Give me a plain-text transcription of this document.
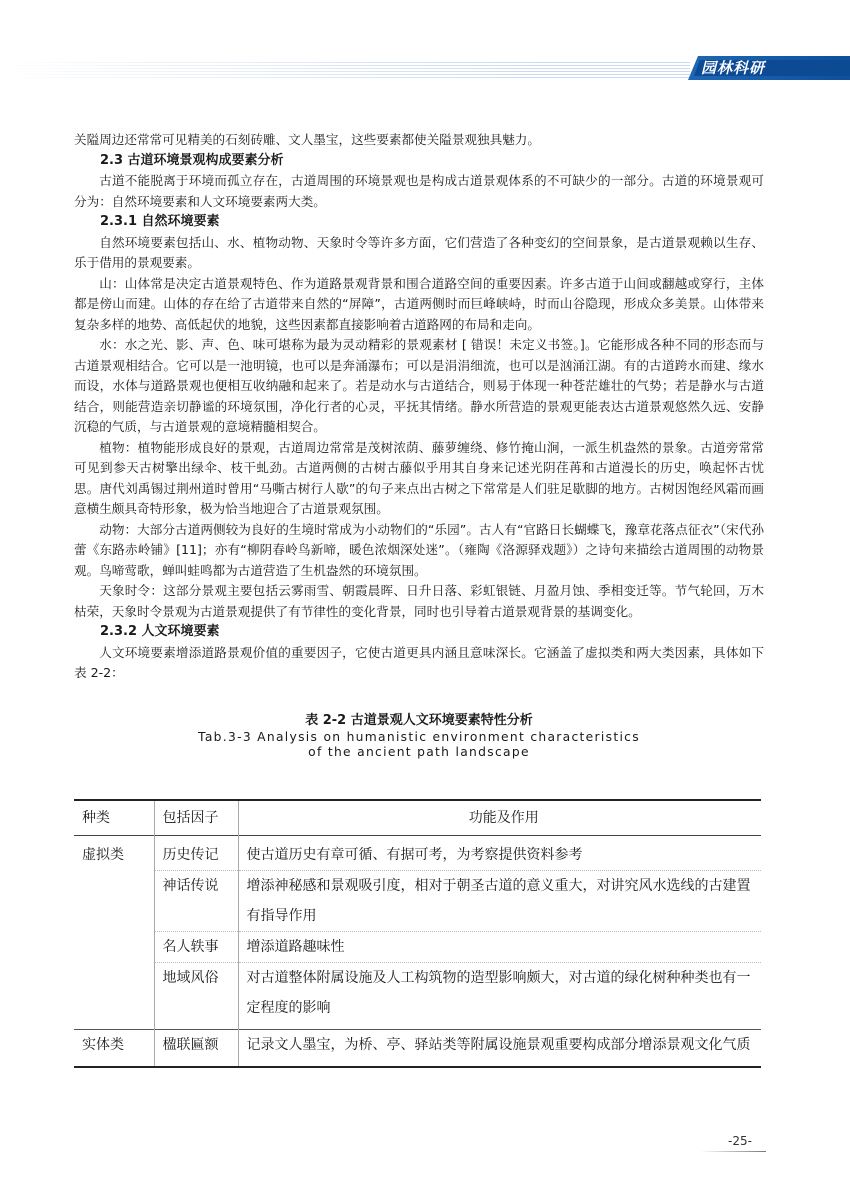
园林科研

关隘周边还常常可见精美的石刻砖雕、文人墨宝，这些要素都使关隘景观独具魅力。

2.3 古道环境景观构成要素分析

古道不能脱离于环境而孤立存在，古道周围的环境景观也是构成古道景观体系的不可缺少的一部分。古道的环境景观可分为：自然环境要素和人文环境要素两大类。

2.3.1 自然环境要素

自然环境要素包括山、水、植物动物、天象时令等许多方面，它们营造了各种变幻的空间景象，是古道景观赖以生存、乐于借用的景观要素。

山：山体常是决定古道景观特色、作为道路景观背景和围合道路空间的重要因素。许多古道于山间或翻越或穿行，主体都是傍山而建。山体的存在给了古道带来自然的“屏障”，古道两侧时而巨峰峡峙，时而山谷隐现，形成众多美景。山体带来复杂多样的地势、高低起伏的地貌，这些因素都直接影响着古道路网的布局和走向。

水：水之光、影、声、色、味可堪称为最为灵动精彩的景观素材 [ 错误！未定义书签。]。它能形成各种不同的形态而与古道景观相结合。它可以是一池明镜，也可以是奔涌瀑布；可以是涓涓细流，也可以是汹涌江湖。有的古道跨水而建、缘水而设，水体与道路景观也便相互收纳融和起来了。若是动水与古道结合，则易于体现一种苍茫雄壮的气势；若是静水与古道结合，则能营造亲切静谧的环境氛围，净化行者的心灵，平抚其情绪。静水所营造的景观更能表达古道景观悠然久远、安静沉稳的气质，与古道景观的意境精髓相契合。

植物：植物能形成良好的景观，古道周边常常是茂树浓荫、藤萝缠绕、修竹掩山涧，一派生机盎然的景象。古道旁常常可见到参天古树擎出绿伞、枝干虬劲。古道两侧的古树古藤似乎用其自身来记述光阴荏苒和古道漫长的历史，唤起怀古忧思。唐代刘禹锡过荆州道时曾用“马嘶古树行人歇”的句子来点出古树之下常常是人们驻足歇脚的地方。古树因饱经风霜而画意横生颇具奇特形象，极为恰当地迎合了古道景观氛围。

动物：大部分古道两侧较为良好的生境时常成为小动物们的“乐园”。古人有“官路日长蝴蝶飞，豫章花落点征衣”（宋代孙蕾《东路赤岭铺》[11]；亦有“柳阴春岭鸟新啼，暖色浓烟深处迷”。（雍陶《洛源驿戏题》）之诗句来描绘古道周围的动物景观。鸟啼莺歌，蝉叫蛙鸣都为古道营造了生机盎然的环境氛围。

天象时令：这部分景观主要包括云雾雨雪、朝霞晨晖、日升日落、彩虹银链、月盈月蚀、季相变迁等。节气轮回，万木枯荣，天象时令景观为古道景观提供了有节律性的变化背景，同时也引导着古道景观背景的基调变化。

2.3.2 人文环境要素

人文环境要素增添道路景观价值的重要因子，它使古道更具内涵且意味深长。它涵盖了虚拟类和两大类因素，具体如下表 2-2：

表 2-2 古道景观人文环境要素特性分析
Tab.3-3 Analysis on humanistic environment characteristics
of the ancient path landscape
种类	包括因子	功能及作用
虚拟类	历史传记	使古道历史有章可循、有据可考，为考察提供资料参考
	神话传说	增添神秘感和景观吸引度，相对于朝圣古道的意义重大，对讲究风水选线的古建置有指导作用
	名人轶事	增添道路趣味性
	地域风俗	对古道整体附属设施及人工构筑物的造型影响颇大，对古道的绿化树种种类也有一定程度的影响
实体类	楹联匾额	记录文人墨宝，为桥、亭、驿站类等附属设施景观重要构成部分增添景观文化气质
-25-
